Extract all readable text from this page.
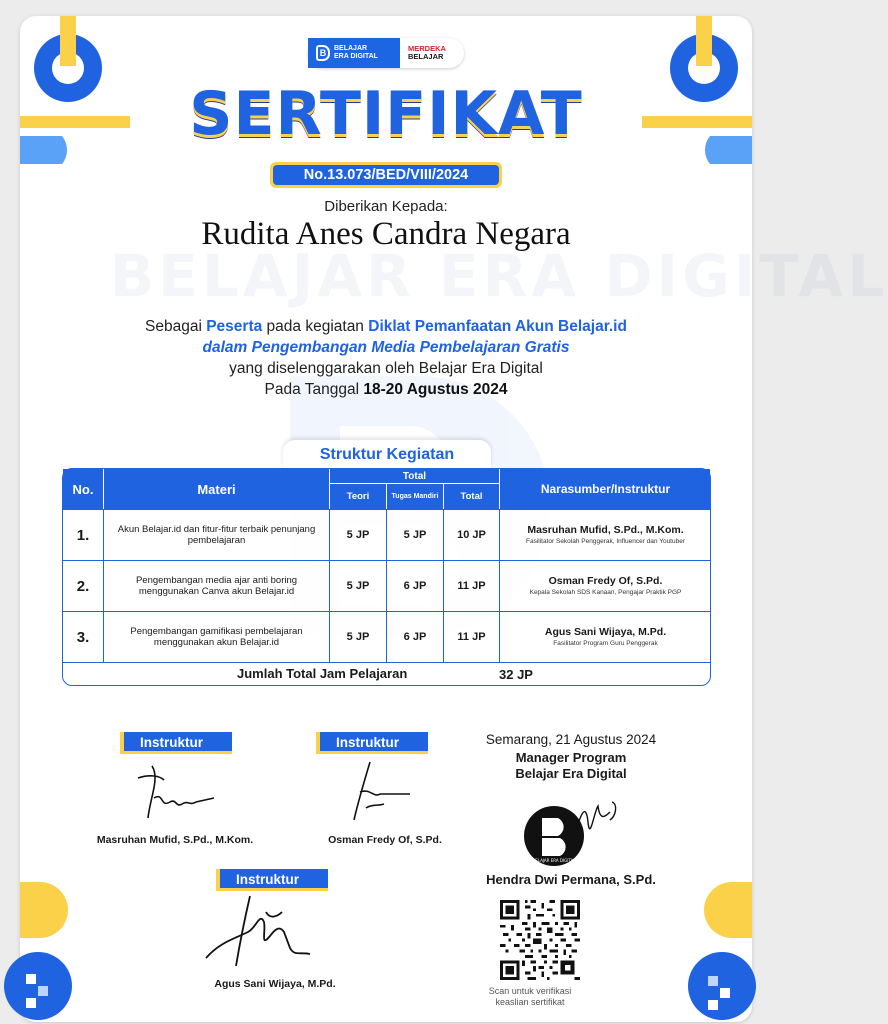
BELAJAR ERA DIGITAL
B	BELAJAR
ERA DIGITAL
MERDEKA
BELAJAR
SERTIFIKAT
No.13.073/BED/VIII/2024
Diberikan Kepada:
Rudita Anes Candra Negara
Sebagai Peserta pada kegiatan Diklat Pemanfaatan Akun Belajar.id
dalam Pengembangan Media Pembelajaran Gratis
yang diselenggarakan oleh Belajar Era Digital
Pada Tanggal 18-20 Agustus 2024
Struktur Kegiatan
No.	Materi
Total
Teori	Tugas Mandiri	Total
Narasumber/Instruktur
1.	Akun Belajar.id dan fitur-fitur terbaik penunjang pembelajaran	5 JP	5 JP	10 JP	Masruhan Mufid, S.Pd., M.Kom.
Fasilitator Sekolah Penggerak, Influencer dan Youtuber
2.	Pengembangan media ajar anti boring menggunakan Canva akun Belajar.id	5 JP	6 JP	11 JP	Osman Fredy Of, S.Pd.
Kepala Sekolah SDS Kanaan, Pengajar Praktik PGP
3.	Pengembangan gamifikasi pembelajaran menggunakan akun Belajar.id	5 JP	6 JP	11 JP	Agus Sani Wijaya, M.Pd.
Fasilitator Program Guru Penggerak
Jumlah Total Jam Pelajaran	32 JP
Instruktur
Masruhan Mufid, S.Pd., M.Kom.
Instruktur
Osman Fredy Of, S.Pd.
Instruktur
Agus Sani Wijaya, M.Pd.
Semarang, 21 Agustus 2024
Manager Program
Belajar Era Digital
BELAJAR ERA DIGITAL
Hendra Dwi Permana, S.Pd.
Scan untuk verifikasi
keaslian sertifikat
